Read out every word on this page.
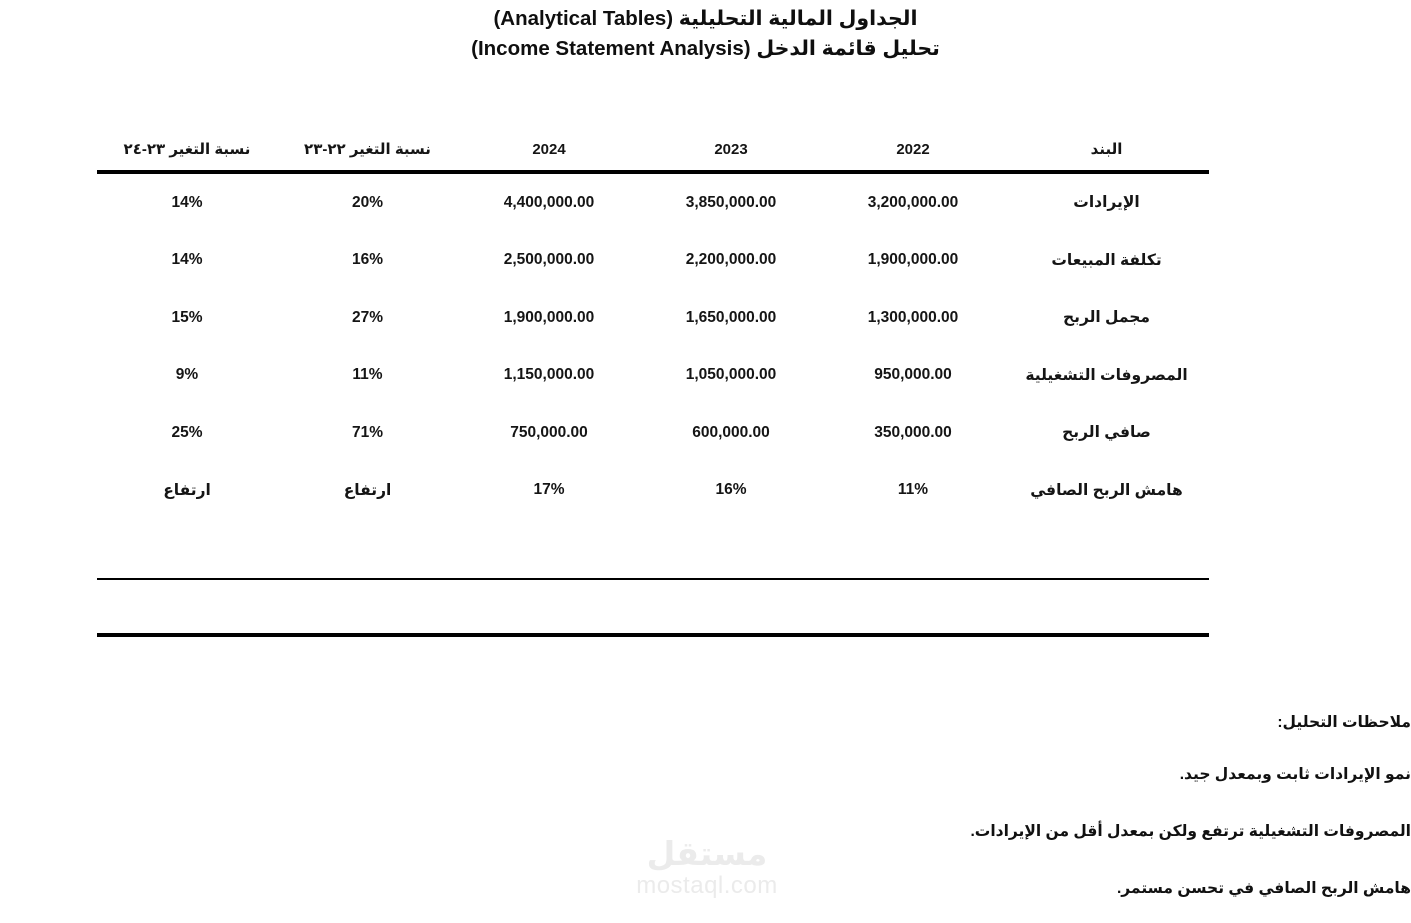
الجداول المالية التحليلية (Analytical Tables)
تحليل قائمة الدخل (Income Statement Analysis)
البند	2022	2023	2024	نسبة التغير ٢٢-٢٣	نسبة التغير ٢٣-٢٤
الإيرادات	3,200,000.00	3,850,000.00	4,400,000.00	20%	14%
تكلفة المبيعات	1,900,000.00	2,200,000.00	2,500,000.00	16%	14%
مجمل الربح	1,300,000.00	1,650,000.00	1,900,000.00	27%	15%
المصروفات التشغيلية	950,000.00	1,050,000.00	1,150,000.00	11%	9%
صافي الربح	350,000.00	600,000.00	750,000.00	71%	25%
هامش الربح الصافي	11%	16%	17%	ارتفاع	ارتفاع
ملاحظات التحليل:
نمو الإيرادات ثابت وبمعدل جيد.
المصروفات التشغيلية ترتفع ولكن بمعدل أقل من الإيرادات.
هامش الربح الصافي في تحسن مستمر.
مستقل
mostaql.com
